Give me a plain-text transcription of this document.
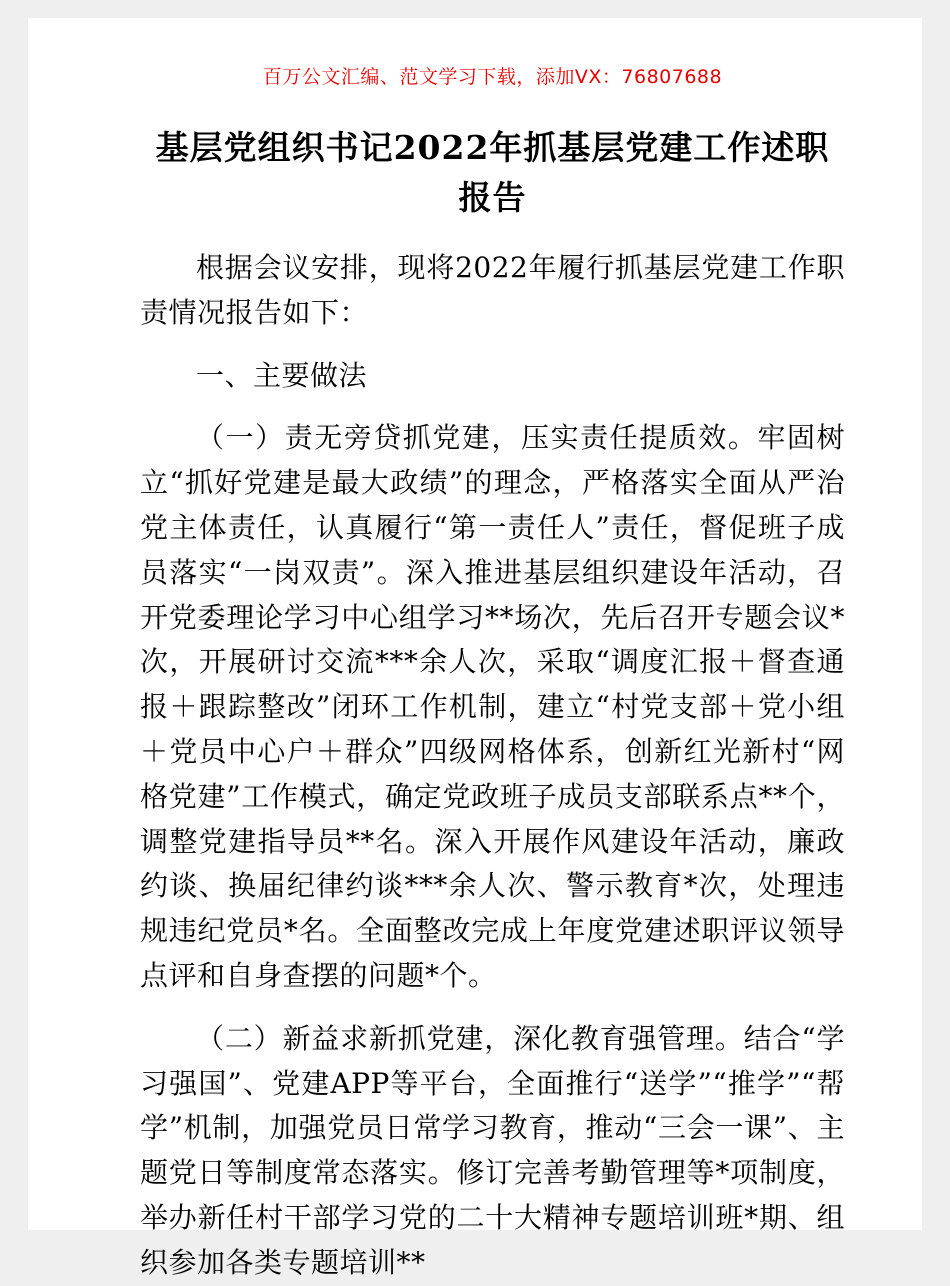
百万公文汇编、范文学习下载，添加VX：76807688
基层党组织书记2022年抓基层党建工作述职报告

根据会议安排，现将2022年履行抓基层党建工作职责情况报告如下：

一、主要做法

（一）责无旁贷抓党建，压实责任提质效。牢固树立“抓好党建是最大政绩”的理念，严格落实全面从严治党主体责任，认真履行“第一责任人”责任，督促班子成员落实“一岗双责”。深入推进基层组织建设年活动，召开党委理论学习中心组学习**场次，先后召开专题会议*次，开展研讨交流***余人次，采取“调度汇报＋督查通报＋跟踪整改”闭环工作机制，建立“村党支部＋党小组＋党员中心户＋群众”四级网格体系，创新红光新村“网格党建”工作模式，确定党政班子成员支部联系点**个，调整党建指导员**名。深入开展作风建设年活动，廉政约谈、换届纪律约谈***余人次、警示教育*次，处理违规违纪党员*名。全面整改完成上年度党建述职评议领导点评和自身查摆的问题*个。

（二）新益求新抓党建，深化教育强管理。结合“学习强国”、党建APP等平台，全面推行“送学”“推学”“帮学”机制，加强党员日常学习教育，推动“三会一课”、主题党日等制度常态落实。修订完善考勤管理等*项制度，举办新任村干部学习党的二十大精神专题培训班*期、组织参加各类专题培训**
